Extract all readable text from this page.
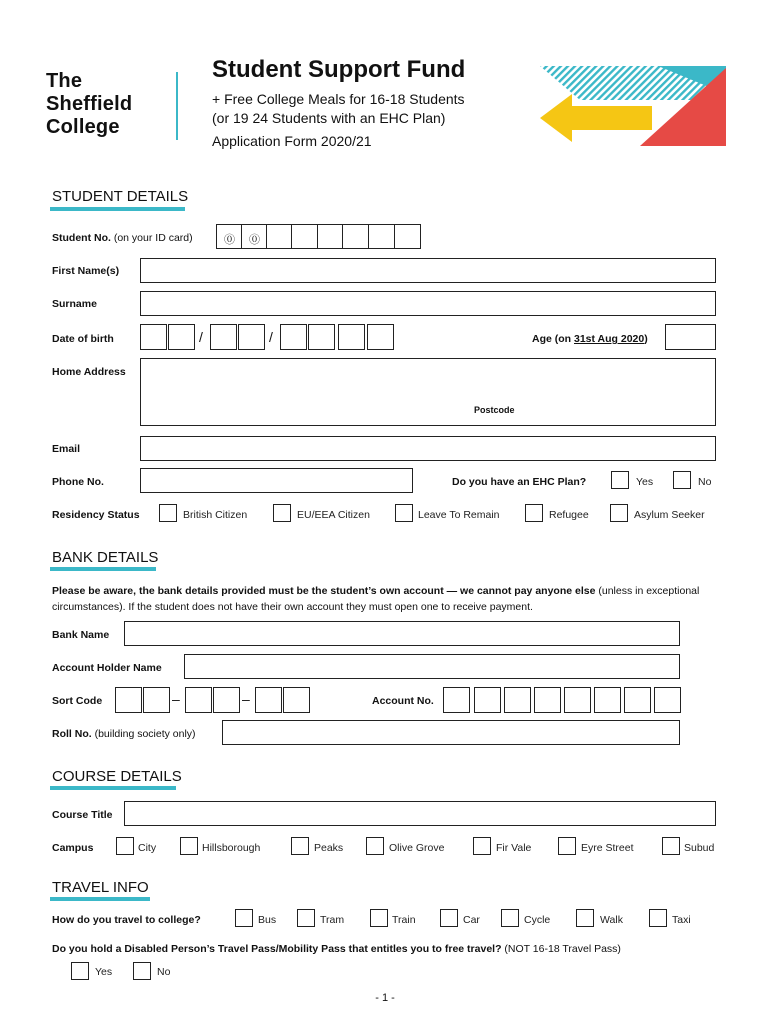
The
Sheffield
College
Student Support Fund
+ Free College Meals for 16-18 Students
(or 19 24 Students with an EHC Plan)
Application Form 2020/21
STUDENT DETAILS
Student No. (on your ID card)	⓪ ⓪
First Name(s)
Surname
Date of birth	/	/	Age (on 31st Aug 2020)
Home Address
Postcode
Email
Phone No.	Do you have an EHC Plan?	Yes	No
Residency Status	British Citizen	EU/EEA Citizen	Leave To Remain	Refugee	Asylum Seeker
BANK DETAILS
Please be aware, the bank details provided must be the student’s own account — we cannot pay anyone else (unless in exceptional circumstances). If the student does not have their own account they must open one to receive payment.
Bank Name
Account Holder Name
Sort Code	–	–	Account No.
Roll No. (building society only)
COURSE DETAILS
Course Title
Campus	City	Hillsborough	Peaks	Olive Grove	Fir Vale	Eyre Street	Subud
TRAVEL INFO
How do you travel to college?	Bus	Tram	Train	Car	Cycle	Walk	Taxi
Do you hold a Disabled Person’s Travel Pass/Mobility Pass that entitles you to free travel? (NOT 16-18 Travel Pass)
Yes	No
- 1 -
